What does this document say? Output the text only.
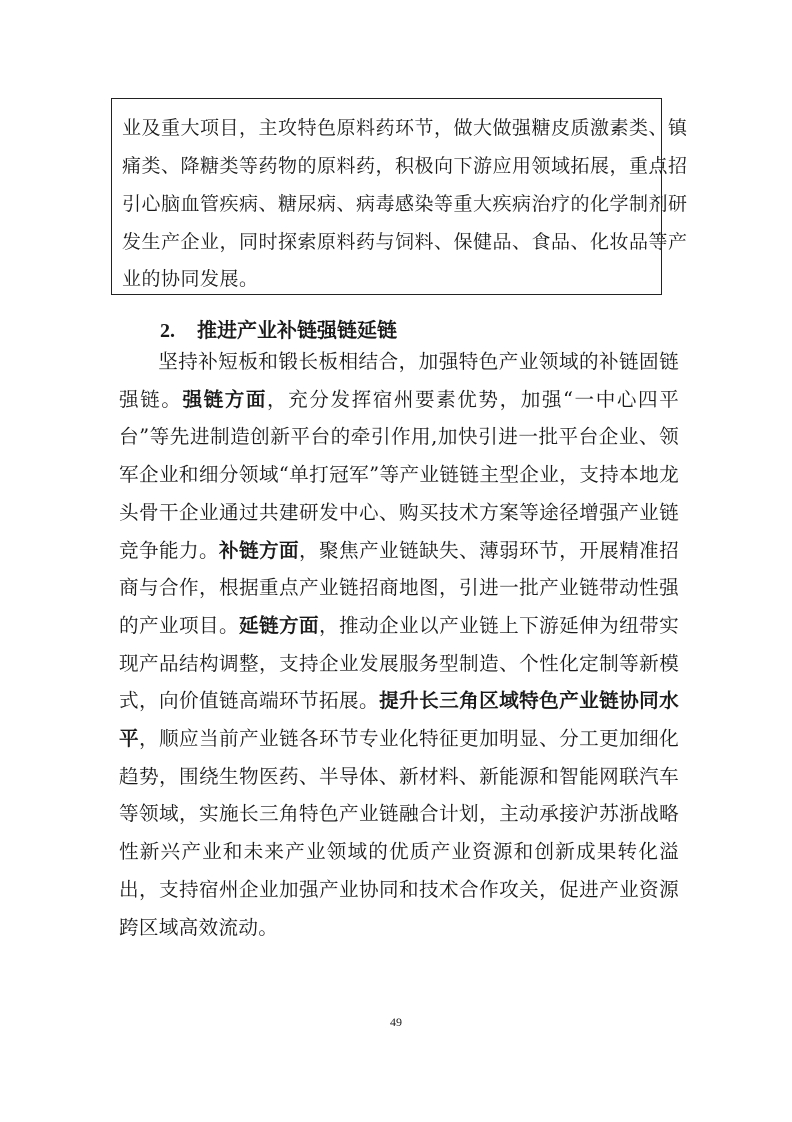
业及重大项目，主攻特色原料药环节，做大做强糖皮质激素类、镇
痛类、降糖类等药物的原料药，积极向下游应用领域拓展，重点招
引心脑血管疾病、糖尿病、病毒感染等重大疾病治疗的化学制剂研
发生产企业，同时探索原料药与饲料、保健品、食品、化妆品等产
业的协同发展。
2. 推进产业补链强链延链
坚持补短板和锻长板相结合，加强特色产业领域的补链固链强链。强链方面，充分发挥宿州要素优势，加强“一中心四平台”等先进制造创新平台的牵引作用,加快引进一批平台企业、领军企业和细分领域“单打冠军”等产业链链主型企业，支持本地龙头骨干企业通过共建研发中心、购买技术方案等途径增强产业链竞争能力。补链方面，聚焦产业链缺失、薄弱环节，开展精准招商与合作，根据重点产业链招商地图，引进一批产业链带动性强的产业项目。延链方面，推动企业以产业链上下游延伸为纽带实现产品结构调整，支持企业发展服务型制造、个性化定制等新模式，向价值链高端环节拓展。提升长三角区域特色产业链协同水平，顺应当前产业链各环节专业化特征更加明显、分工更加细化趋势，围绕生物医药、半导体、新材料、新能源和智能网联汽车等领域，实施长三角特色产业链融合计划，主动承接沪苏浙战略性新兴产业和未来产业领域的优质产业资源和创新成果转化溢出，支持宿州企业加强产业协同和技术合作攻关，促进产业资源跨区域高效流动。
49
